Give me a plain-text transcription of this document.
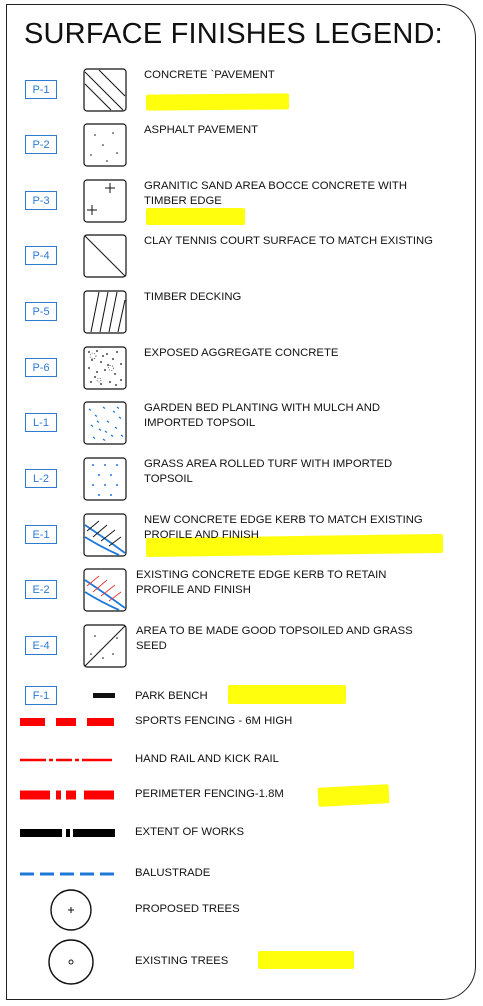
SURFACE FINISHES LEGEND:
P-1
CONCRETE `PAVEMENT
P-2
ASPHALT PAVEMENT
P-3
GRANITIC SAND AREA BOCCE CONCRETE WITH
TIMBER EDGE
P-4
CLAY TENNIS COURT SURFACE TO MATCH EXISTING
P-5
TIMBER DECKING
P-6
EXPOSED AGGREGATE CONCRETE
L-1
GARDEN BED PLANTING WITH MULCH AND
IMPORTED TOPSOIL
L-2
GRASS AREA ROLLED TURF WITH IMPORTED
TOPSOIL
E-1
NEW CONCRETE EDGE KERB TO MATCH EXISTING
PROFILE AND FINISH
E-2
EXISTING CONCRETE EDGE KERB TO RETAIN
PROFILE AND FINISH
E-4
AREA TO BE MADE GOOD TOPSOILED AND GRASS
SEED
F-1	PARK BENCH
SPORTS FENCING - 6M HIGH
HAND RAIL AND KICK RAIL
PERIMETER FENCING-1.8M
EXTENT OF WORKS
BALUSTRADE
PROPOSED TREES
EXISTING TREES
